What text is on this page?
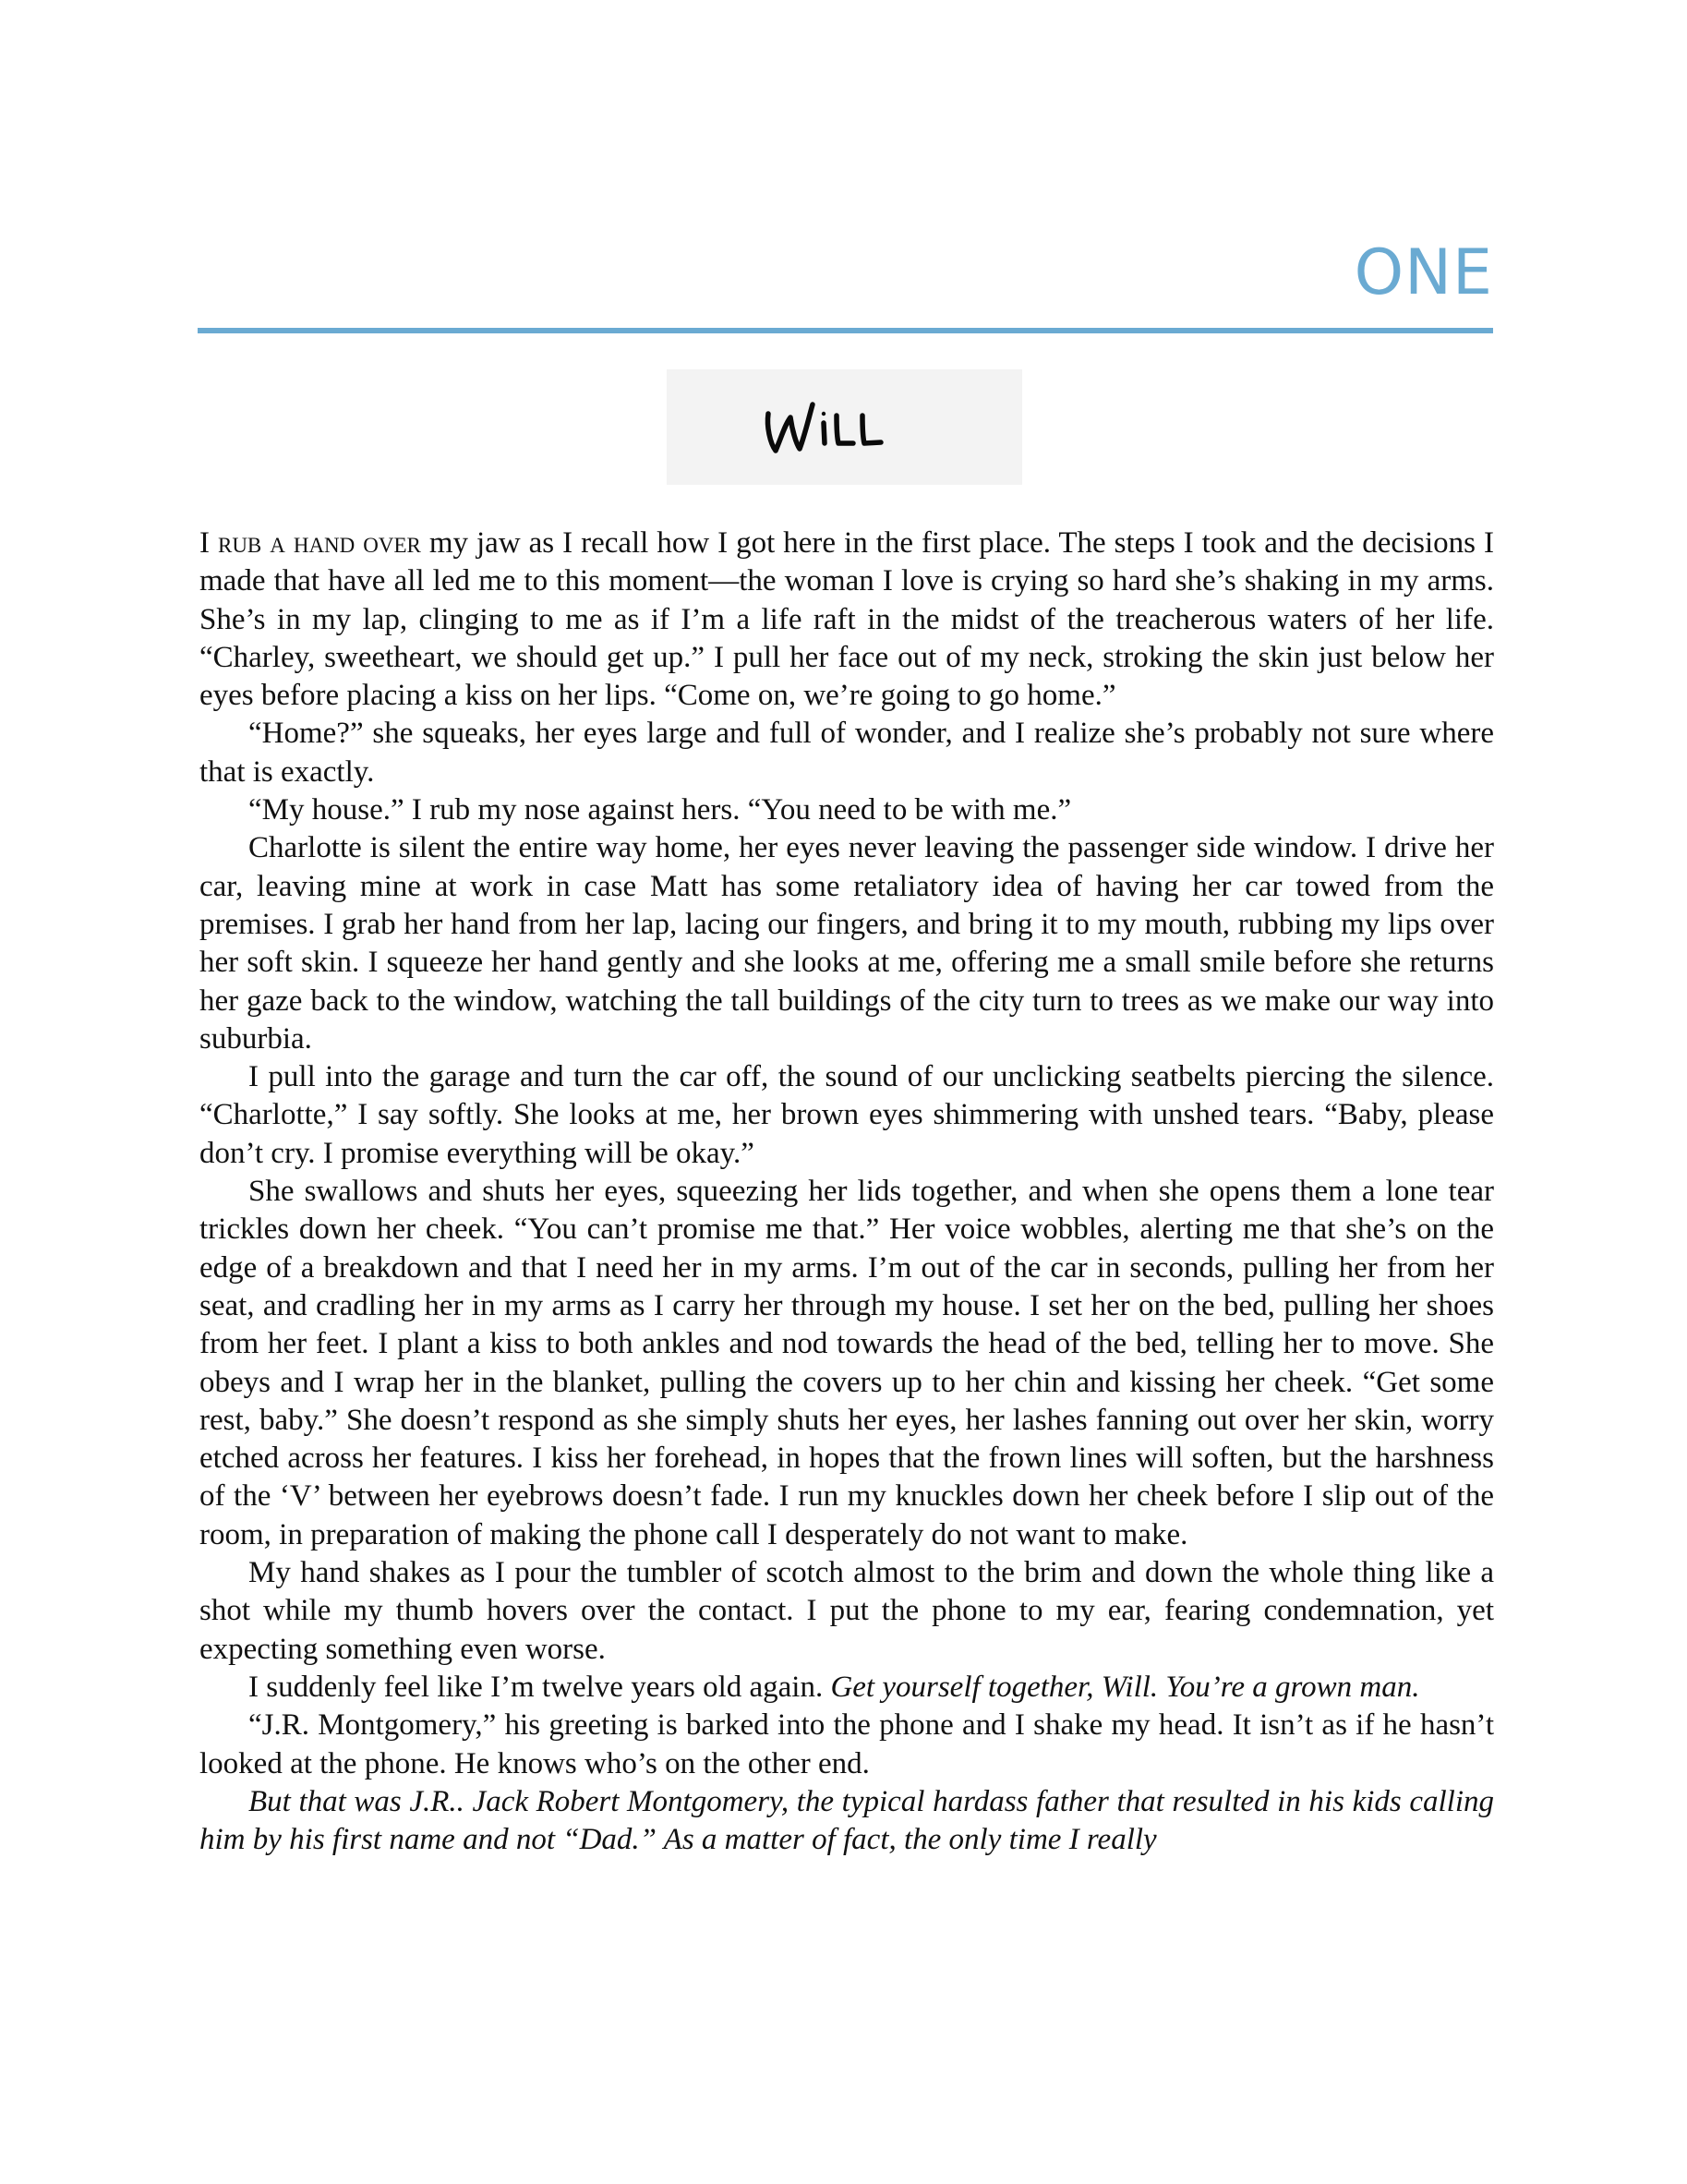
ONE

I rub a hand over my jaw as I recall how I got here in the first place. The steps I took and the decisions I made that have all led me to this moment—the woman I love is crying so hard she’s shaking in my arms. She’s in my lap, clinging to me as if I’m a life raft in the midst of the treacherous waters of her life. “Charley, sweetheart, we should get up.” I pull her face out of my neck, stroking the skin just below her eyes before placing a kiss on her lips. “Come on, we’re going to go home.”

“Home?” she squeaks, her eyes large and full of wonder, and I realize she’s probably not sure where that is exactly.

“My house.” I rub my nose against hers. “You need to be with me.”

Charlotte is silent the entire way home, her eyes never leaving the passenger side window. I drive her car, leaving mine at work in case Matt has some retaliatory idea of having her car towed from the premises. I grab her hand from her lap, lacing our fingers, and bring it to my mouth, rubbing my lips over her soft skin. I squeeze her hand gently and she looks at me, offering me a small smile before she returns her gaze back to the window, watching the tall buildings of the city turn to trees as we make our way into suburbia.

I pull into the garage and turn the car off, the sound of our unclicking seatbelts piercing the silence. “Charlotte,” I say softly. She looks at me, her brown eyes shimmering with unshed tears. “Baby, please don’t cry. I promise everything will be okay.”

She swallows and shuts her eyes, squeezing her lids together, and when she opens them a lone tear trickles down her cheek. “You can’t promise me that.” Her voice wobbles, alerting me that she’s on the edge of a breakdown and that I need her in my arms. I’m out of the car in seconds, pulling her from her seat, and cradling her in my arms as I carry her through my house. I set her on the bed, pulling her shoes from her feet. I plant a kiss to both ankles and nod towards the head of the bed, telling her to move. She obeys and I wrap her in the blanket, pulling the covers up to her chin and kissing her cheek. “Get some rest, baby.” She doesn’t respond as she simply shuts her eyes, her lashes fanning out over her skin, worry etched across her features. I kiss her forehead, in hopes that the frown lines will soften, but the harshness of the ‘V’ between her eyebrows doesn’t fade. I run my knuckles down her cheek before I slip out of the room, in preparation of making the phone call I desperately do not want to make.

My hand shakes as I pour the tumbler of scotch almost to the brim and down the whole thing like a shot while my thumb hovers over the contact. I put the phone to my ear, fearing condemnation, yet expecting something even worse.

I suddenly feel like I’m twelve years old again. Get yourself together, Will. You’re a grown man.

“J.R. Montgomery,” his greeting is barked into the phone and I shake my head. It isn’t as if he hasn’t looked at the phone. He knows who’s on the other end.

But that was J.R.. Jack Robert Montgomery, the typical hardass father that resulted in his kids calling him by his first name and not “Dad.” As a matter of fact, the only time I really
